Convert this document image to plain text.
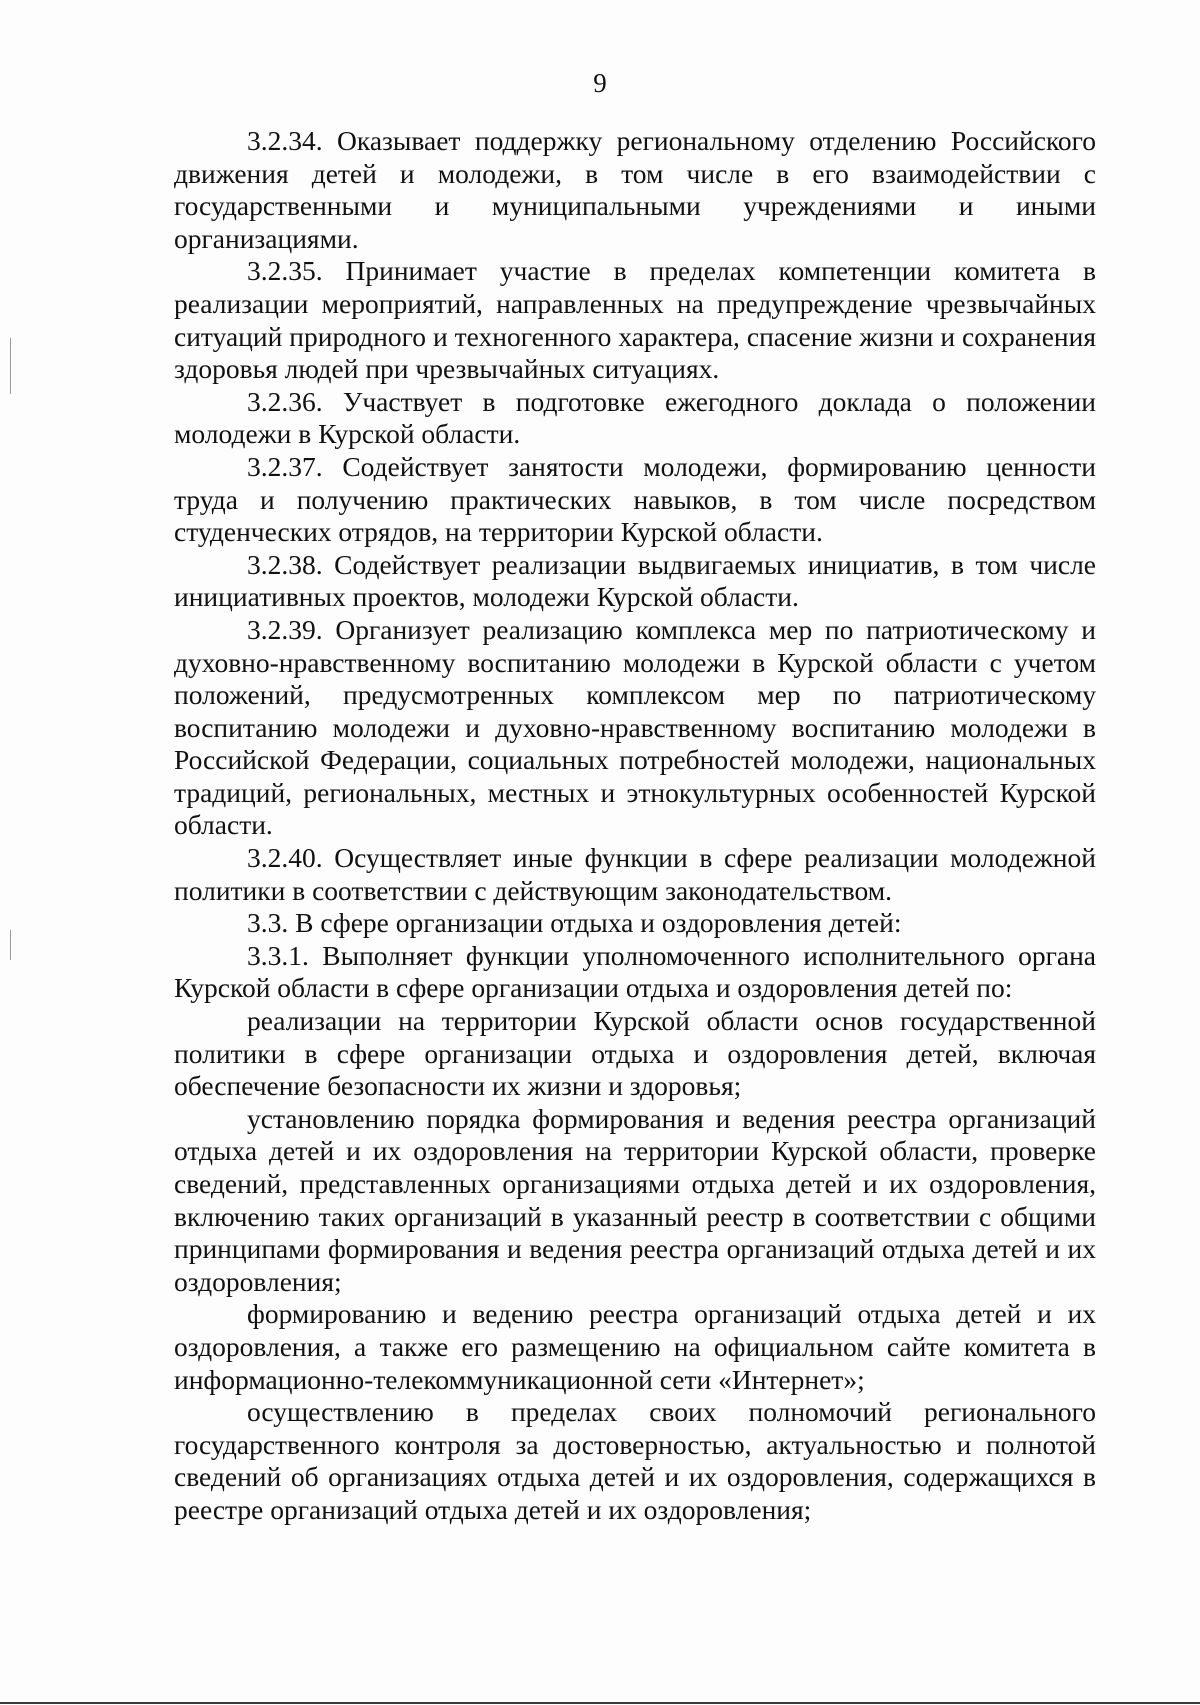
9

3.2.34. Оказывает поддержку региональному отделению Российского движения детей и молодежи, в том числе в его взаимодействии с государственными и муниципальными учреждениями и иными организациями.

3.2.35. Принимает участие в пределах компетенции комитета в реализации мероприятий, направленных на предупреждение чрезвычайных ситуаций природного и техногенного характера, спасение жизни и сохранения здоровья людей при чрезвычайных ситуациях.

3.2.36. Участвует в подготовке ежегодного доклада о положении молодежи в Курской области.

3.2.37. Содействует занятости молодежи, формированию ценности труда и получению практических навыков, в том числе посредством студенческих отрядов, на территории Курской области.

3.2.38. Содействует реализации выдвигаемых инициатив, в том числе инициативных проектов, молодежи Курской области.

3.2.39. Организует реализацию комплекса мер по патриотическому и духовно-нравственному воспитанию молодежи в Курской области с учетом положений, предусмотренных комплексом мер по патриотическому воспитанию молодежи и духовно-нравственному воспитанию молодежи в Российской Федерации, социальных потребностей молодежи, национальных традиций, региональных, местных и этнокультурных особенностей Курской области.

3.2.40. Осуществляет иные функции в сфере реализации молодежной политики в соответствии с действующим законодательством.

3.3. В сфере организации отдыха и оздоровления детей:

3.3.1. Выполняет функции уполномоченного исполнительного органа Курской области в сфере организации отдыха и оздоровления детей по:

реализации на территории Курской области основ государственной политики в сфере организации отдыха и оздоровления детей, включая обеспечение безопасности их жизни и здоровья;

установлению порядка формирования и ведения реестра организаций отдыха детей и их оздоровления на территории Курской области, проверке сведений, представленных организациями отдыха детей и их оздоровления, включению таких организаций в указанный реестр в соответствии с общими принципами формирования и ведения реестра организаций отдыха детей и их оздоровления;

формированию и ведению реестра организаций отдыха детей и их оздоровления, а также его размещению на официальном сайте комитета в информационно-телекоммуникационной сети «Интернет»;

осуществлению в пределах своих полномочий регионального государственного контроля за достоверностью, актуальностью и полнотой сведений об организациях отдыха детей и их оздоровления, содержащихся в реестре организаций отдыха детей и их оздоровления;
